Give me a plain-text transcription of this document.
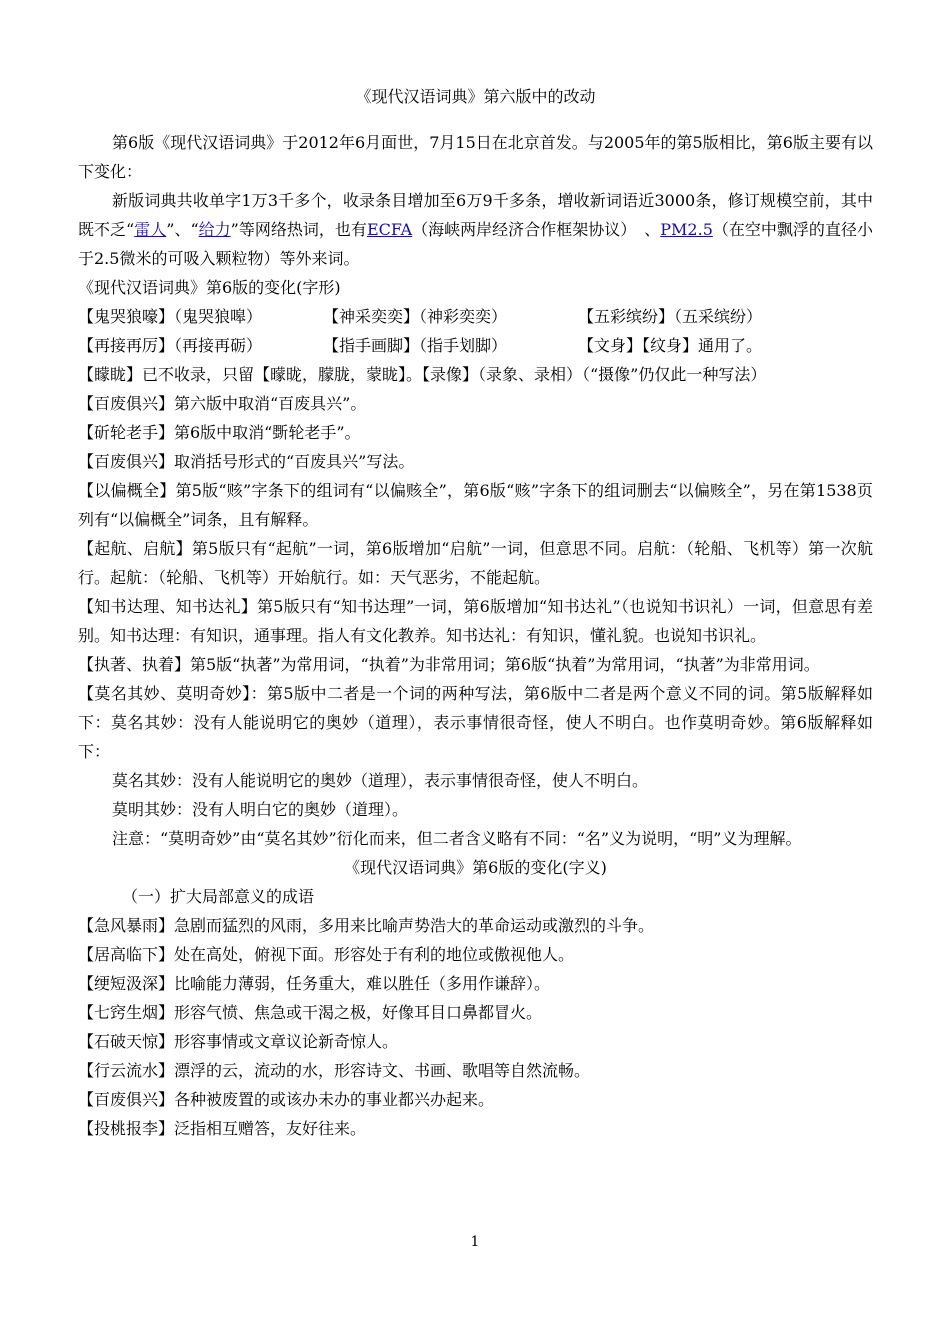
《现代汉语词典》第六版中的改动

第6版《现代汉语词典》于2012年6月面世，7月15日在北京首发。与2005年的第5版相比，第6版主要有以下变化：

新版词典共收单字1万3千多个，收录条目增加至6万9千多条，增收新词语近3000条，修订规模空前，其中既不乏“雷人”、“给力”等网络热词，也有ECFA（海峡两岸经济合作框架协议）　、PM2.5（在空中飘浮的直径小于2.5微米的可吸入颗粒物）等外来词。

《现代汉语词典》第6版的变化(字形)

【鬼哭狼嚎】（鬼哭狼嗥）	【神采奕奕】（神彩奕奕）	【五彩缤纷】（五采缤纷）
【再接再厉】（再接再砺）	【指手画脚】（指手划脚）	【文身】【纹身】通用了。

【矇眬】已不收录，只留【曚昽，朦胧，蒙眬】。【录像】（录象、录相）（“摄像”仍仅此一种写法）

【百废俱兴】第六版中取消“百废具兴”。

【斫轮老手】第6版中取消“斲轮老手”。

【百废俱兴】取消括号形式的“百废具兴”写法。

【以偏概全】第5版“赅”字条下的组词有“以偏赅全”，第6版“赅”字条下的组词删去“以偏赅全”，另在第1538页列有“以偏概全”词条，且有解释。

【起航、启航】第5版只有“起航”一词，第6版增加“启航”一词，但意思不同。启航：（轮船、飞机等）第一次航行。起航：（轮船、飞机等）开始航行。如：天气恶劣，不能起航。

【知书达理、知书达礼】第5版只有“知书达理”一词，第6版增加“知书达礼”（也说知书识礼）一词，但意思有差别。知书达理：有知识，通事理。指人有文化教养。知书达礼：有知识，懂礼貌。也说知书识礼。

【执著、执着】第5版“执著”为常用词，“执着”为非常用词；第6版“执着”为常用词，“执著”为非常用词。

【莫名其妙、莫明奇妙】：第5版中二者是一个词的两种写法，第6版中二者是两个意义不同的词。第5版解释如下：莫名其妙：没有人能说明它的奥妙（道理），表示事情很奇怪，使人不明白。也作莫明奇妙。第6版解释如下：

莫名其妙：没有人能说明它的奥妙（道理），表示事情很奇怪，使人不明白。

莫明其妙：没有人明白它的奥妙（道理）。

注意：“莫明奇妙”由“莫名其妙”衍化而来，但二者含义略有不同：“名”义为说明，“明”义为理解。

《现代汉语词典》第6版的变化(字义)

（一）扩大局部意义的成语

【急风暴雨】急剧而猛烈的风雨，多用来比喻声势浩大的革命运动或激烈的斗争。

【居高临下】处在高处，俯视下面。形容处于有利的地位或傲视他人。

【绠短汲深】比喻能力薄弱，任务重大，难以胜任（多用作谦辞）。

【七窍生烟】形容气愤、焦急或干渴之极，好像耳目口鼻都冒火。

【石破天惊】形容事情或文章议论新奇惊人。

【行云流水】漂浮的云，流动的水，形容诗文、书画、歌唱等自然流畅。

【百废俱兴】各种被废置的或该办未办的事业都兴办起来。

【投桃报李】泛指相互赠答，友好往来。

1
